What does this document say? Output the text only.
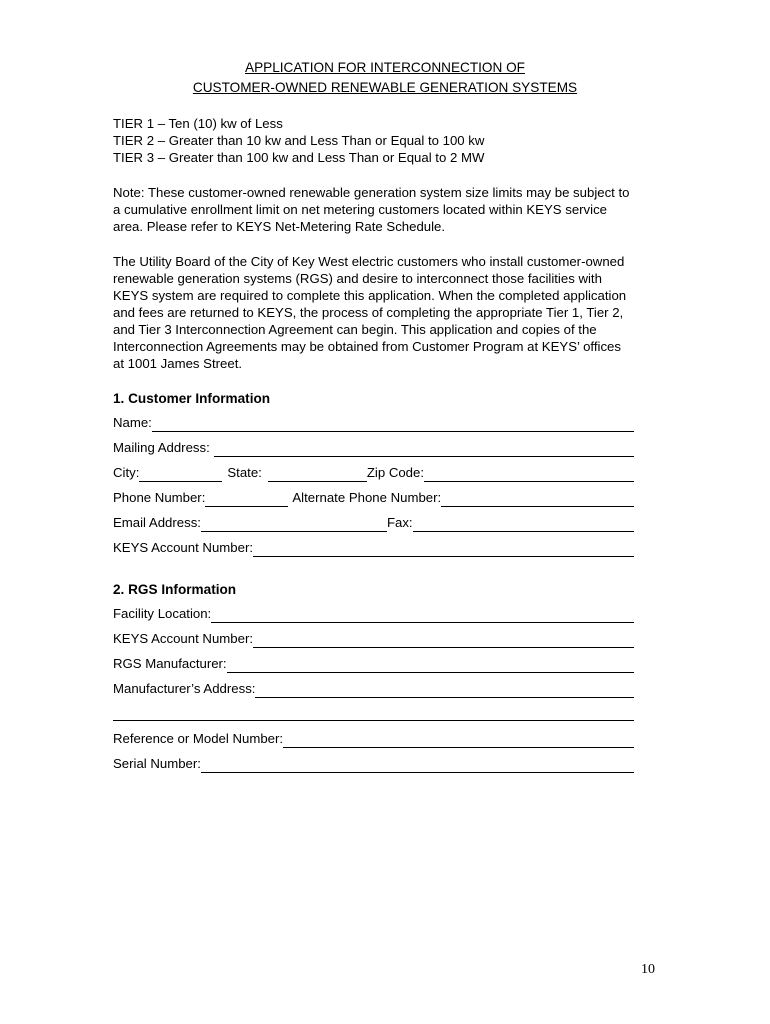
APPLICATION FOR INTERCONNECTION OF
CUSTOMER-OWNED RENEWABLE GENERATION SYSTEMS
TIER 1 – Ten (10) kw of Less
TIER 2 – Greater than 10 kw and Less Than or Equal to 100 kw
TIER 3 – Greater than 100 kw and Less Than or Equal to 2 MW
Note: These customer-owned renewable generation system size limits may be subject to
a cumulative enrollment limit on net metering customers located within KEYS service
area. Please refer to KEYS Net-Metering Rate Schedule.
The Utility Board of the City of Key West electric customers who install customer-owned
renewable generation systems (RGS) and desire to interconnect those facilities with
KEYS system are required to complete this application. When the completed application
and fees are returned to KEYS, the process of completing the appropriate Tier 1, Tier 2,
and Tier 3 Interconnection Agreement can begin. This application and copies of the
Interconnection Agreements may be obtained from Customer Program at KEYS’ offices
at 1001 James Street.
1. Customer Information
Name:
Mailing Address:
City:	State:	Zip Code:
Phone Number:	Alternate Phone Number:
Email Address:	Fax:
KEYS Account Number:
2. RGS Information
Facility Location:
KEYS Account Number:
RGS Manufacturer:
Manufacturer’s Address:
Reference or Model Number:
Serial Number:
10
